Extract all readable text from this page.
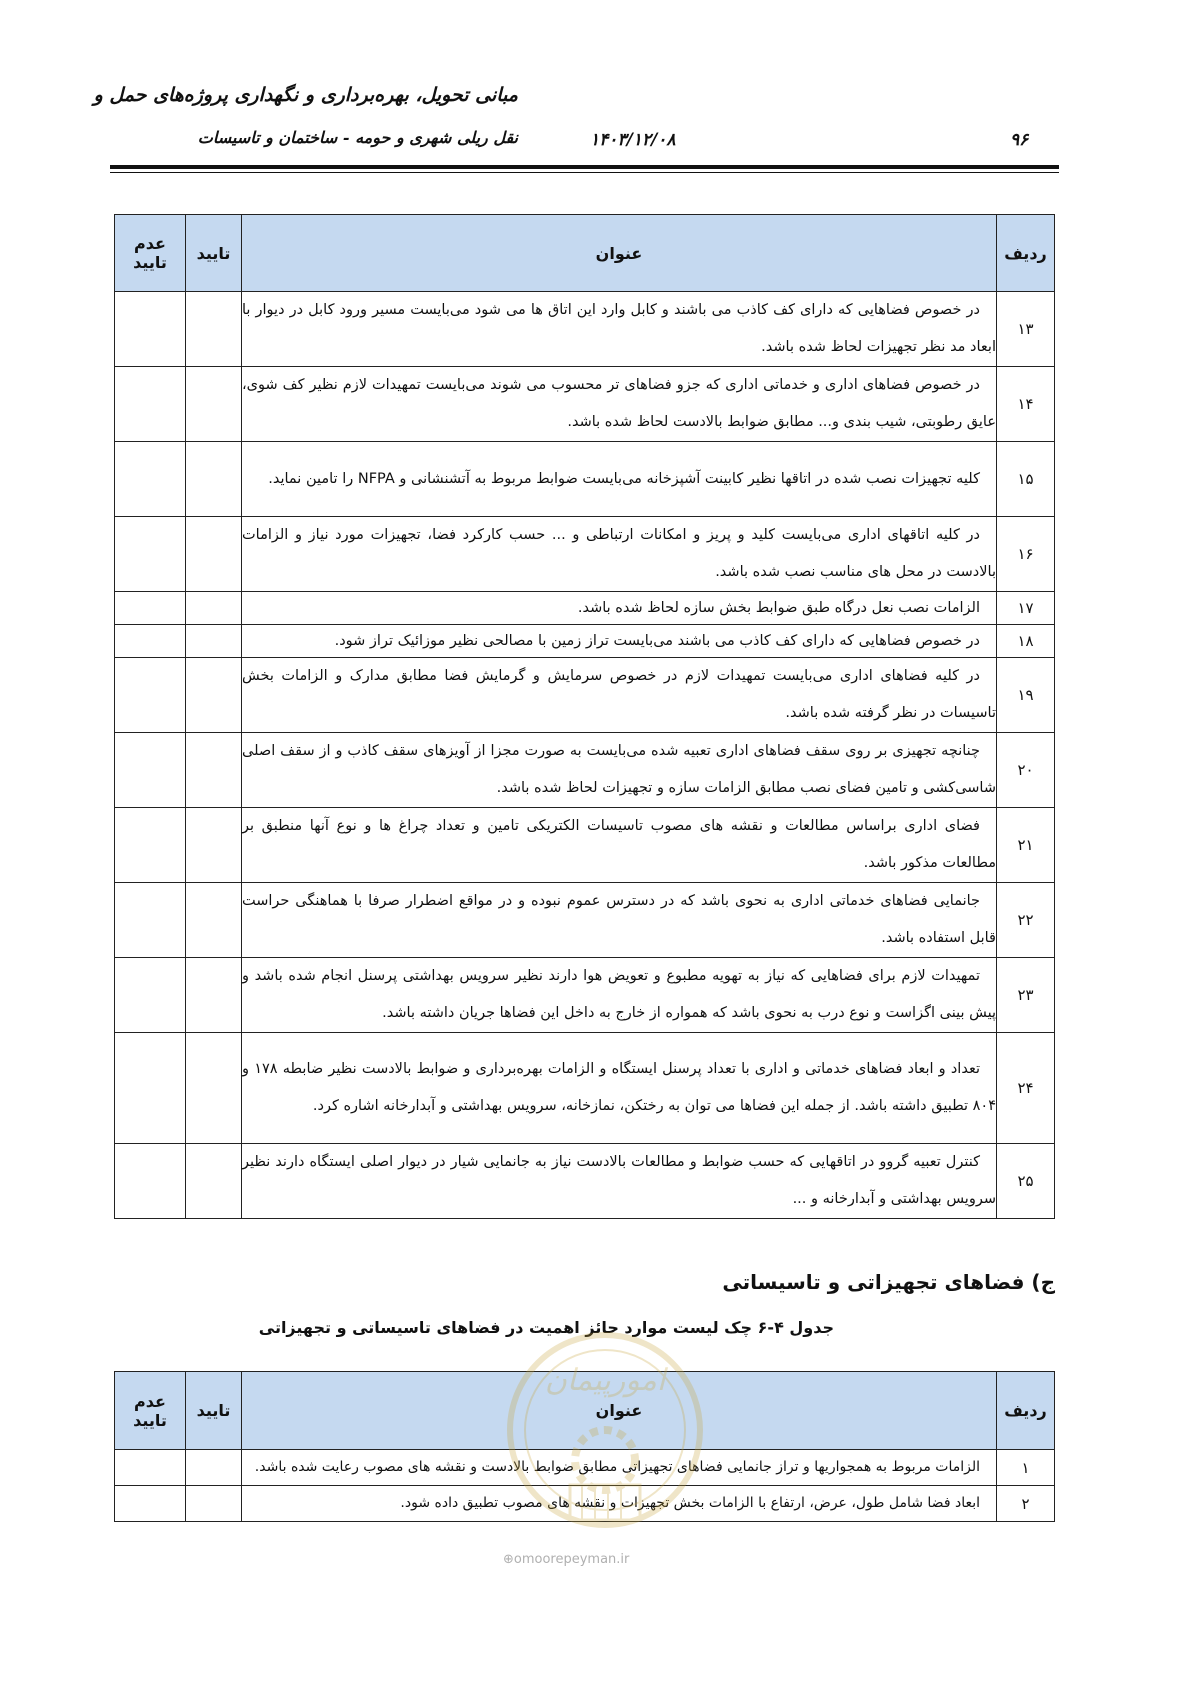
مبانی تحویل، بهره‌برداری و نگهداری پروژه‌های حمل و
نقل ریلی شهری و حومه - ساختمان و تاسیسات	۱۴۰۳/۱۲/۰۸	۹۶
ردیف	عنوان	تایید	عدم تایید
۱۳	در خصوص فضاهایی که دارای کف کاذب می باشند و کابل وارد این اتاق ها می شود می‌بایست مسیر ورود کابل در دیوار با ابعاد مد نظر تجهیزات لحاظ شده باشد.		

۱۴	در خصوص فضاهای اداری و خدماتی اداری که جزو فضاهای تر محسوب می شوند می‌بایست تمهیدات لازم نظیر کف شوی، عایق رطوبتی، شیب بندی و... مطابق ضوابط بالادست لحاظ شده باشد.		

۱۵	کلیه تجهیزات نصب شده در اتاقها نظیر کابینت آشپزخانه می‌بایست ضوابط مربوط به آتشنشانی و NFPA را تامین نماید.		

۱۶	در کلیه اتاقهای اداری می‌بایست کلید و پریز و امکانات ارتباطی و ... حسب کارکرد فضا، تجهیزات مورد نیاز و الزامات بالادست در محل های مناسب نصب شده باشد.		

۱۷	الزامات نصب نعل درگاه طبق ضوابط بخش سازه لحاظ شده باشد.		

۱۸	در خصوص فضاهایی که دارای کف کاذب می باشند می‌بایست تراز زمین با مصالحی نظیر موزائیک تراز شود.		

۱۹	در کلیه فضاهای اداری می‌بایست تمهیدات لازم در خصوص سرمایش و گرمایش فضا مطابق مدارک و الزامات بخش تاسیسات در نظر گرفته شده باشد.		

۲۰	چنانچه تجهیزی بر روی سقف فضاهای اداری تعبیه شده می‌بایست به صورت مجزا از آویزهای سقف کاذب و از سقف اصلی شاسی‌کشی و تامین فضای نصب مطابق الزامات سازه و تجهیزات لحاظ شده باشد.		

۲۱	فضای اداری براساس مطالعات و نقشه های مصوب تاسیسات الکتریکی تامین و تعداد چراغ ها و نوع آنها منطبق بر مطالعات مذکور باشد.		

۲۲	جانمایی فضاهای خدماتی اداری به نحوی باشد که در دسترس عموم نبوده و در مواقع اضطرار صرفا با هماهنگی حراست قابل استفاده باشد.		

۲۳	تمهیدات لازم برای فضاهایی که نیاز به تهویه مطبوع و تعویض هوا دارند نظیر سرویس بهداشتی پرسنل انجام شده باشد و پیش بینی اگزاست و نوع درب به نحوی باشد که همواره از خارج به داخل این فضاها جریان داشته باشد.		

۲۴	تعداد و ابعاد فضاهای خدماتی و اداری با تعداد پرسنل ایستگاه و الزامات بهره‌برداری و ضوابط بالادست نظیر ضابطه ۱۷۸ و ۸۰۴ تطبیق داشته باشد. از جمله این فضاها می توان به رختکن، نمازخانه، سرویس بهداشتی و آبدارخانه اشاره کرد.		

۲۵	کنترل تعبیه گروو در اتاقهایی که حسب ضوابط و مطالعات بالادست نیاز به جانمایی شیار در دیوار اصلی ایستگاه دارند نظیر سرویس بهداشتی و آبدارخانه و ...		

ج) فضاهای تجهیزاتی و تاسیساتی
جدول ۴-۶ چک لیست موارد حائز اهمیت در فضاهای تاسیساتی و تجهیزاتی
ردیف	عنوان	تایید	عدم تایید
۱	الزامات مربوط به همجواریها و تراز جانمایی فضاهای تجهیزاتی مطابق ضوابط بالادست و نقشه های مصوب رعایت شده باشد.		

۲	ابعاد فضا شامل طول، عرض، ارتفاع با الزامات بخش تجهیزات و نقشه های مصوب تطبیق داده شود.		

امورپیمان
⊕omoorepeyman.ir
